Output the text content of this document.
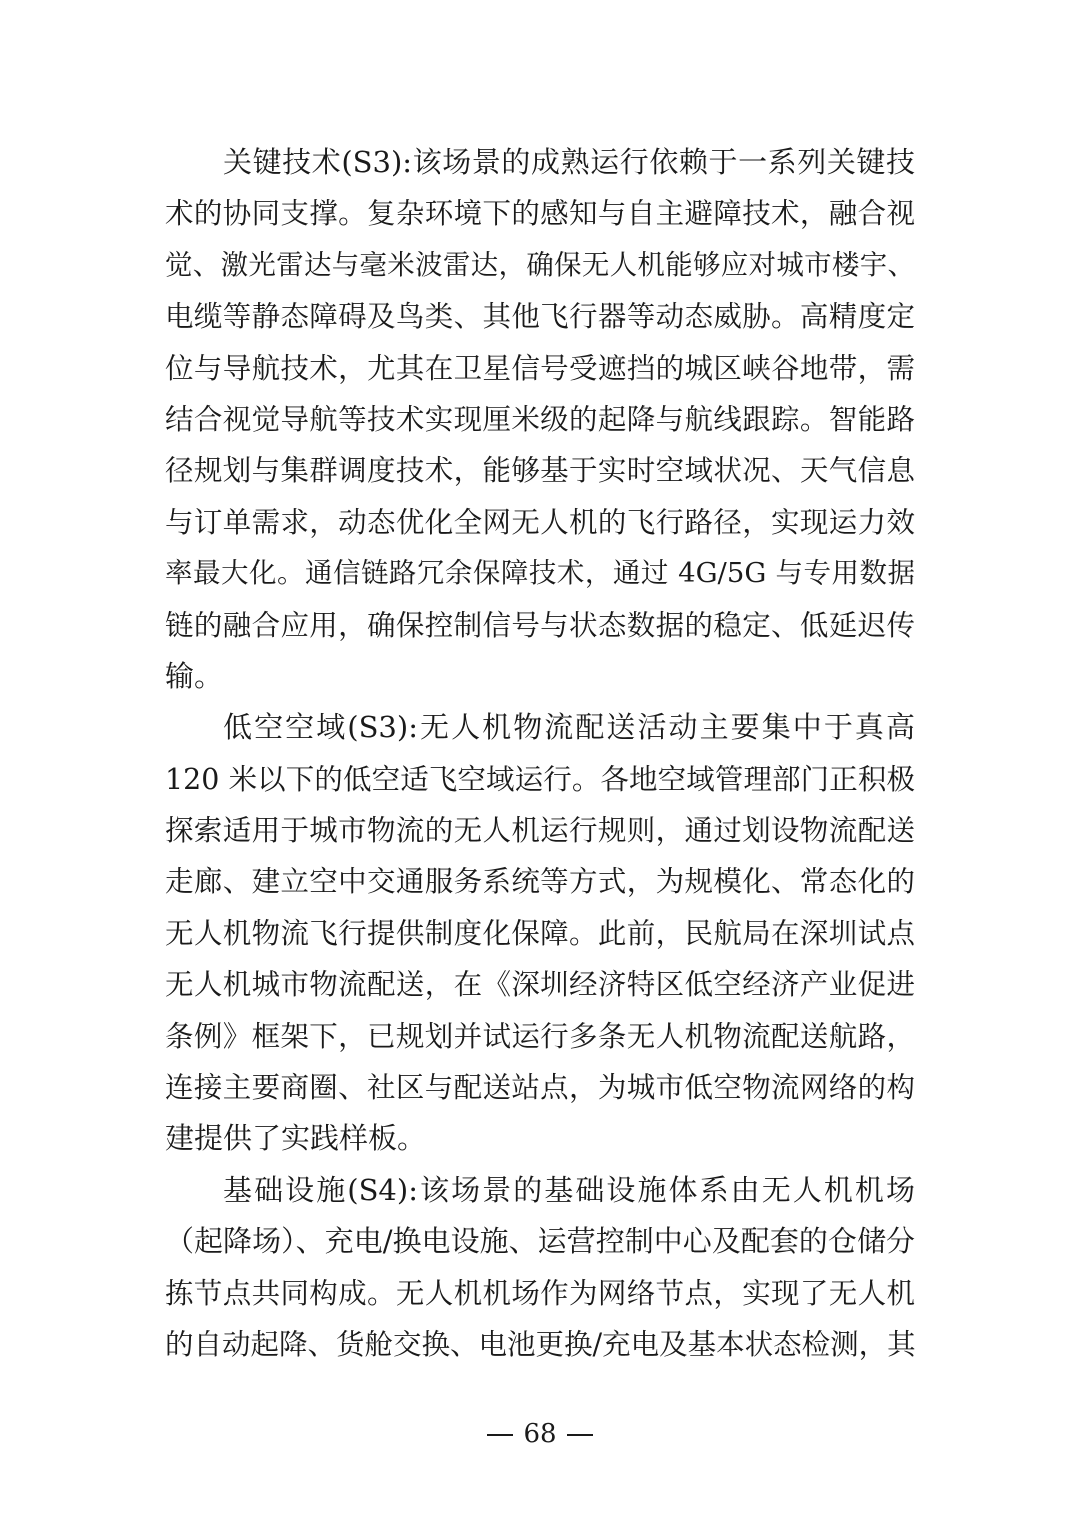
关键技术(S3):该场景的成熟运行依赖于一系列关键技
术的协同支撑。复杂环境下的感知与自主避障技术，融合视
觉、激光雷达与毫米波雷达，确保无人机能够应对城市楼宇、
电缆等静态障碍及鸟类、其他飞行器等动态威胁。高精度定
位与导航技术，尤其在卫星信号受遮挡的城区峡谷地带，需
结合视觉导航等技术实现厘米级的起降与航线跟踪。智能路
径规划与集群调度技术，能够基于实时空域状况、天气信息
与订单需求，动态优化全网无人机的飞行路径，实现运力效
率最大化。通信链路冗余保障技术，通过 4G/5G 与专用数据
链的融合应用，确保控制信号与状态数据的稳定、低延迟传
输。
低空空域(S3):无人机物流配送活动主要集中于真高
120 米以下的低空适飞空域运行。各地空域管理部门正积极
探索适用于城市物流的无人机运行规则，通过划设物流配送
走廊、建立空中交通服务系统等方式，为规模化、常态化的
无人机物流飞行提供制度化保障。此前，民航局在深圳试点
无人机城市物流配送，在《深圳经济特区低空经济产业促进
条例》框架下，已规划并试运行多条无人机物流配送航路，
连接主要商圈、社区与配送站点，为城市低空物流网络的构
建提供了实践样板。
基础设施(S4):该场景的基础设施体系由无人机机场
（起降场）、充电/换电设施、运营控制中心及配套的仓储分
拣节点共同构成。无人机机场作为网络节点，实现了无人机
的自动起降、货舱交换、电池更换/充电及基本状态检测，其
68
